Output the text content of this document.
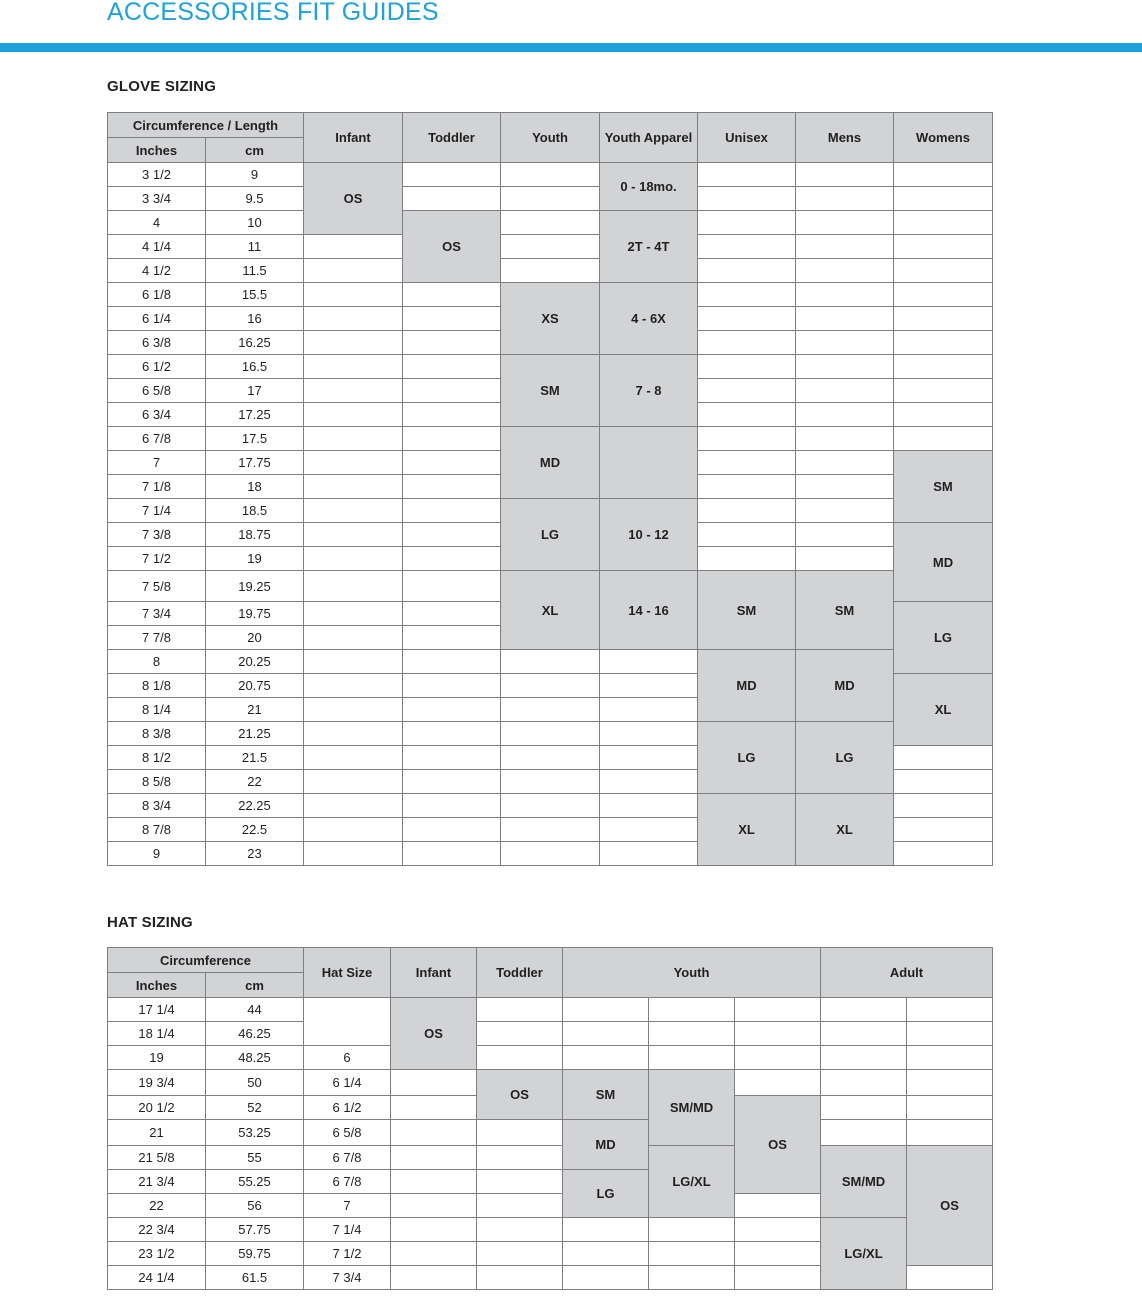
ACCESSORIES FIT GUIDES
GLOVE SIZING
Circumference / Length		Infant	Toddler	Youth	Youth Apparel	Unisex	Mens	Womens
Inches	cm							
3 1/2	9	OS			0 - 18mo.			
3 3/4	9.5							
4	10		OS		2T - 4T			
4 1/4	11							
4 1/2	11.5							
6 1/8	15.5			XS	4 - 6X			
6 1/4	16							
6 3/8	16.25							
6 1/2	16.5			SM	7 - 8			
6 5/8	17							
6 3/4	17.25							
6 7/8	17.5			MD				
7	17.75							SM
7 1/8	18							
7 1/4	18.5			LG	10 - 12			
7 3/8	18.75							MD
7 1/2	19							
7 5/8	19.25			XL	14 - 16	SM	SM	
7 3/4	19.75							LG
7 7/8	20							
8	20.25					MD	MD	
8 1/8	20.75							XL
8 1/4	21							
8 3/8	21.25					LG	LG	
8 1/2	21.5							
8 5/8	22							
8 3/4	22.25					XL	XL	
8 7/8	22.5							
9	23							
HAT SIZING
Circumference		Hat Size	Infant	Toddler	Youth			Adult	
Inches	cm								
17 1/4	44		OS						
18 1/4	46.25								
19	48.25	6							
19 3/4	50	6 1/4		OS	SM	SM/MD			
20 1/2	52	6 1/2					OS		
21	53.25	6 5/8			MD				
21 5/8	55	6 7/8				LG/XL		SM/MD	OS
21 3/4	55.25	6 7/8			LG				
22	56	7							
22 3/4	57.75	7 1/4						LG/XL	
23 1/2	59.75	7 1/2							
24 1/4	61.5	7 3/4							
